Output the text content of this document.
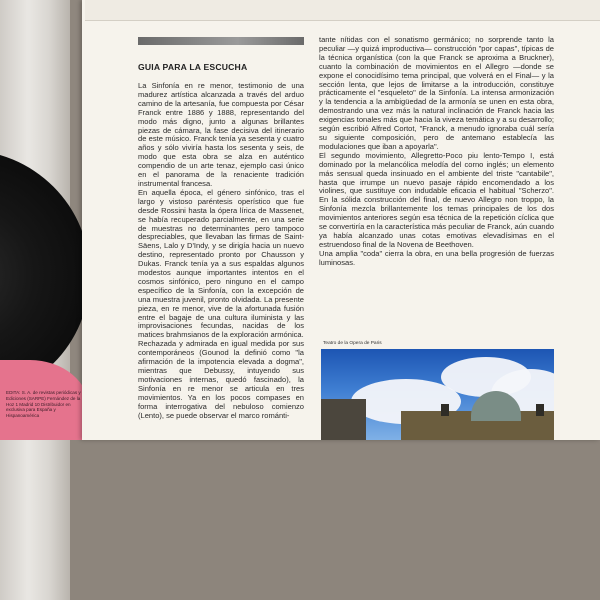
EDITA: S. A. de revistas periódicas y Ediciones (SARPE) Fernández de la Hoz 1 Madrid 10 Distribuidor en exclusiva para España y Hispanoamérica
GUIA PARA LA ESCUCHA

La Sinfonía en re menor, testimonio de una madurez artística alcanzada a través del arduo camino de la artesanía, fue compuesta por César Franck entre 1886 y 1888, representando del modo más digno, junto a algunas brillantes piezas de cámara, la fase decisiva del itinerario de este músico. Franck tenía ya sesenta y cuatro años y sólo viviría hasta los sesenta y seis, de modo que esta obra se alza en auténtico compendio de un arte tenaz, ejemplo casi único en el panorama de la renaciente tradición instrumental francesa.

En aquella época, el género sinfónico, tras el largo y vistoso paréntesis operístico que fue desde Rossini hasta la ópera lírica de Massenet, se había recuperado parcialmente, en una serie de muestras no determinantes pero tampoco despreciables, que llevaban las firmas de Saint-Säens, Lalo y D'Indy, y se dirigía hacia un nuevo destino, representado pronto por Chausson y Dukas. Franck tenía ya a sus espaldas algunos modestos aunque importantes intentos en el cosmos sinfónico, pero ninguno en el campo específico de la Sinfonía, con la excepción de una muestra juvenil, pronto olvidada. La presente pieza, en re menor, vive de la afortunada fusión entre el bagaje de una cultura iluminista y las improvisaciones fecundas, nacidas de los matices brahmsianos de la exploración armónica.

Rechazada y admirada en igual medida por sus contemporáneos (Gounod la definió como "la afirmación de la impotencia elevada a dogma", mientras que Debussy, intuyendo sus motivaciones internas, quedó fascinado), la Sinfonía en re menor se articula en tres movimientos. Ya en los pocos compases en forma interrogativa del nebuloso comienzo (Lento), se puede observar el marco románti-

tante nítidas con el sonatismo germánico; no sorprende tanto la peculiar —y quizá improductiva— construcción "por capas", típicas de la técnica organística (con la que Franck se aproxima a Bruckner), cuanto la combinación de movimientos en el Allegro —donde se expone el conocidísimo tema principal, que volverá en el Final— y la sección lenta, que lejos de limitarse a la introducción, constituye prácticamente el "esqueleto" de la Sinfonía. La intensa armonización y la tendencia a la ambigüedad de la armonía se unen en esta obra, demostrando una vez más la natural inclinación de Franck hacia las exigencias tonales más que hacia la viveza temática y a su desarrollo; según escribió Alfred Cortot, "Franck, a menudo ignoraba cuál sería su siguiente composición, pero de antemano establecía las modulaciones que iban a apoyarla".

El segundo movimiento, Allegretto-Poco piu lento-Tempo I, está dominado por la melancólica melodía del corno inglés; un elemento más sensual queda insinuado en el ambiente del triste "cantabile", hasta que irrumpe un nuevo pasaje rápido encomendado a los violines, que sustituye con indudable eficacia el habitual "Scherzo". En la sólida construcción del final, de nuevo Allegro non troppo, la Sinfonía mezcla brillantemente los temas principales de los dos movimientos anteriores según esa técnica de la repetición cíclica que se convertiría en la característica más peculiar de Franck, aún cuando ya había alcanzado unas cotas emotivas elevadísimas en el estruendoso final de la Novena de Beethoven.

Una amplia "coda" cierra la obra, en una bella progresión de fuerzas luminosas.

Teatro de la Opera de Paris
